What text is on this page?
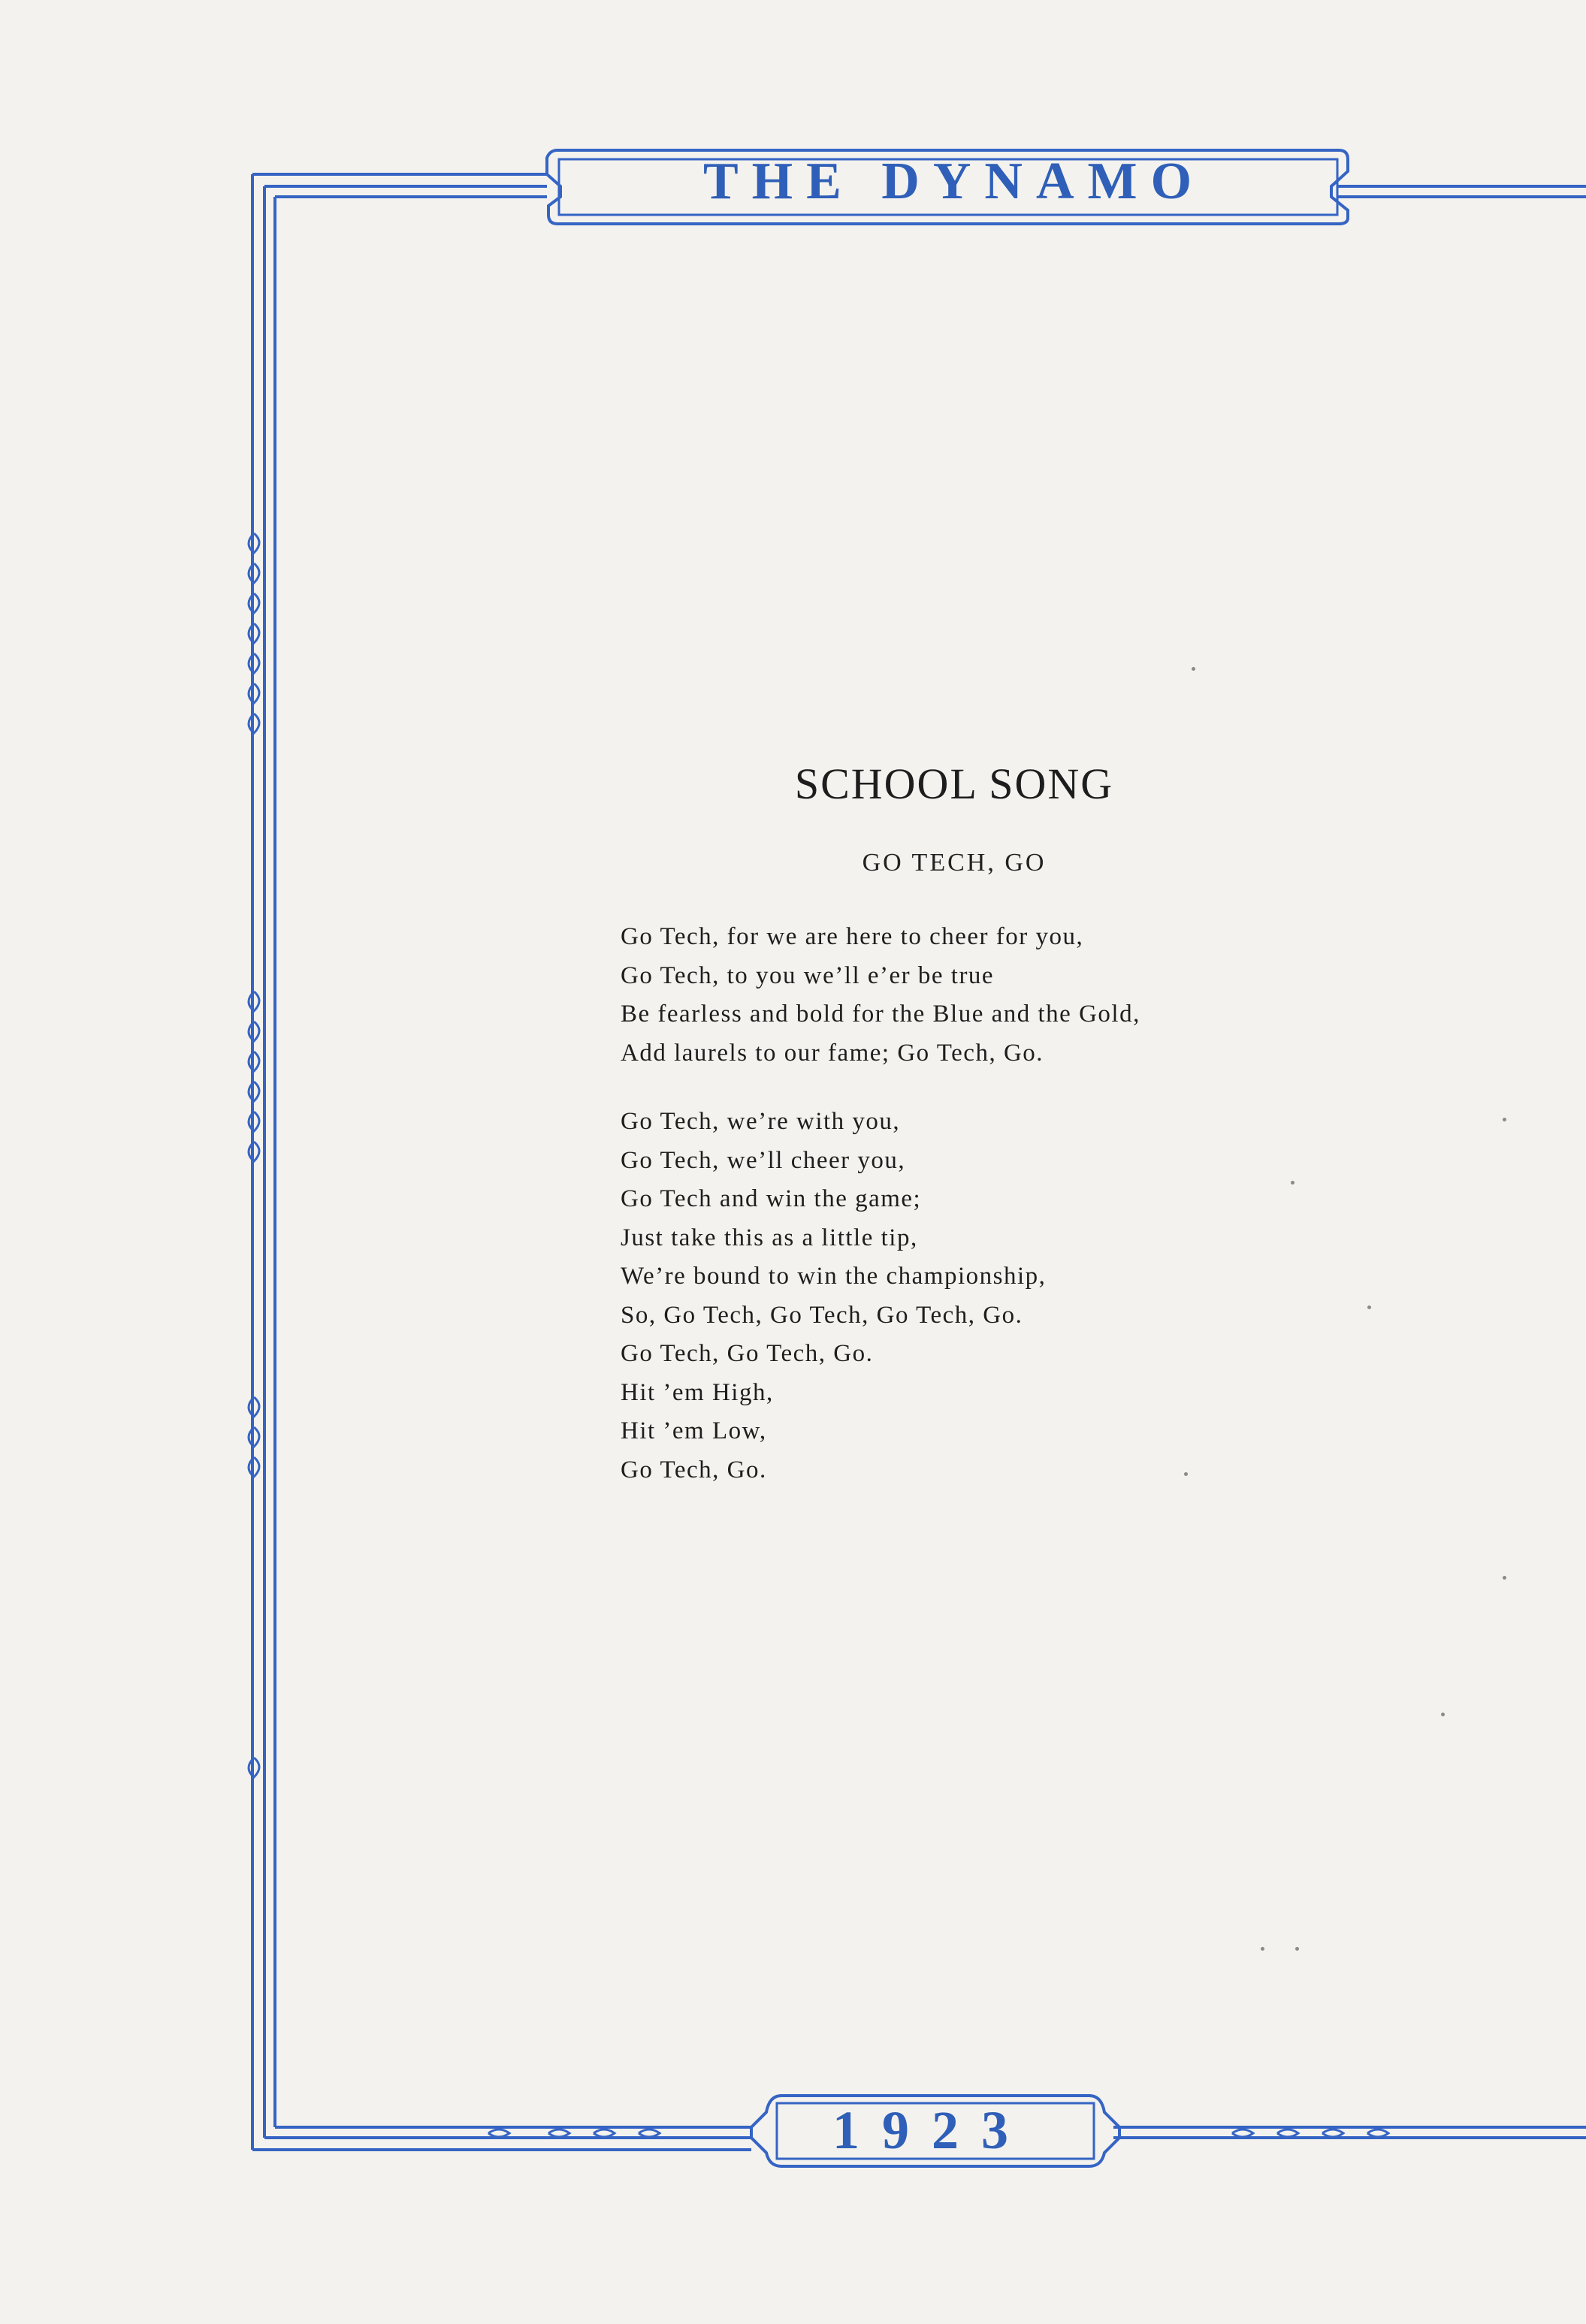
THE DYNAMO
1923
SCHOOL SONG
GO TECH, GO
Go Tech, for we are here to cheer for you,
Go Tech, to you we’ll e’er be true
Be fearless and bold for the Blue and the Gold,
Add laurels to our fame; Go Tech, Go.
Go Tech, we’re with you,
Go Tech, we’ll cheer you,
Go Tech and win the game;
Just take this as a little tip,
We’re bound to win the championship,
So, Go Tech, Go Tech, Go Tech, Go.
Go Tech, Go Tech, Go.
Hit ’em High,
Hit ’em Low,
Go Tech, Go.
